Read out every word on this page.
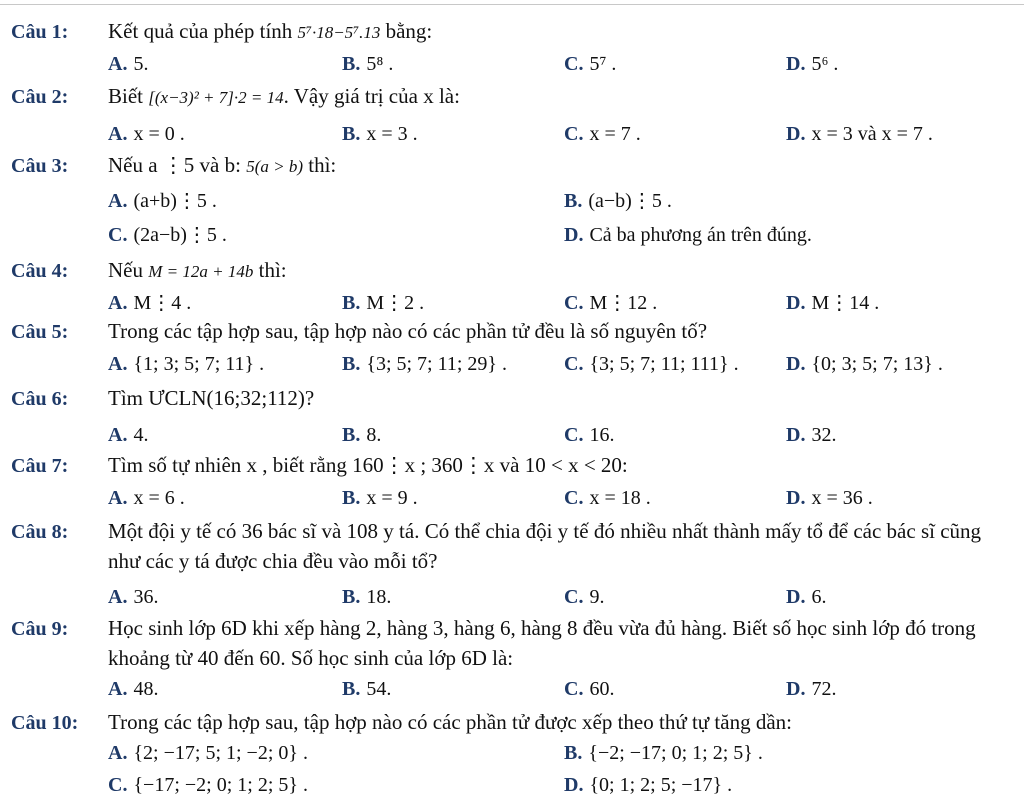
Câu 1: Kết quả của phép tính 5⁷·18−5⁷.13 bằng:
A. 5.	B. 5⁸ .	C. 5⁷ .	D. 5⁶ .
Câu 2: Biết [(x−3)² + 7]·2 = 14. Vậy giá trị của x là:
A. x = 0 .	B. x = 3 .	C. x = 7 .	D. x = 3 và x = 7 .
Câu 3: Nếu a ⋮5 và b: 5(a > b) thì:
A. (a+b)⋮5 .	B. (a−b)⋮5 .
C. (2a−b)⋮5 .	D. Cả ba phương án trên đúng.
Câu 4: Nếu M = 12a + 14b thì:
A. M⋮4 .	B. M⋮2 .	C. M⋮12 .	D. M⋮14 .
Câu 5: Trong các tập hợp sau, tập hợp nào có các phần tử đều là số nguyên tố?
A. {1; 3; 5; 7; 11} .	B. {3; 5; 7; 11; 29} .	C. {3; 5; 7; 11; 111} . D. {0; 3; 5; 7; 13} .
Câu 6: Tìm ƯCLN(16;32;112)?
A. 4.	B. 8.	C. 16.	D. 32.
Câu 7: Tìm số tự nhiên x , biết rằng 160⋮x ; 360⋮x và 10 < x < 20:
A. x = 6 .	B. x = 9 .	C. x = 18 .	D. x = 36 .
Câu 8: Một đội y tế có 36 bác sĩ và 108 y tá. Có thể chia đội y tế đó nhiều nhất thành mấy tổ để các bác sĩ cũng như các y tá được chia đều vào mỗi tổ?
A. 36.	B. 18.	C. 9.	D. 6.
Câu 9: Học sinh lớp 6D khi xếp hàng 2, hàng 3, hàng 6, hàng 8 đều vừa đủ hàng. Biết số học sinh lớp đó trong khoảng từ 40 đến 60. Số học sinh của lớp 6D là:
A. 48.	B. 54.	C. 60.	D. 72.
Câu 10: Trong các tập hợp sau, tập hợp nào có các phần tử được xếp theo thứ tự tăng dần:
A. {2; −17; 5; 1; −2; 0} .	B. {−2; −17; 0; 1; 2; 5} .
C. {−17; −2; 0; 1; 2; 5} .	D. {0; 1; 2; 5; −17} .
